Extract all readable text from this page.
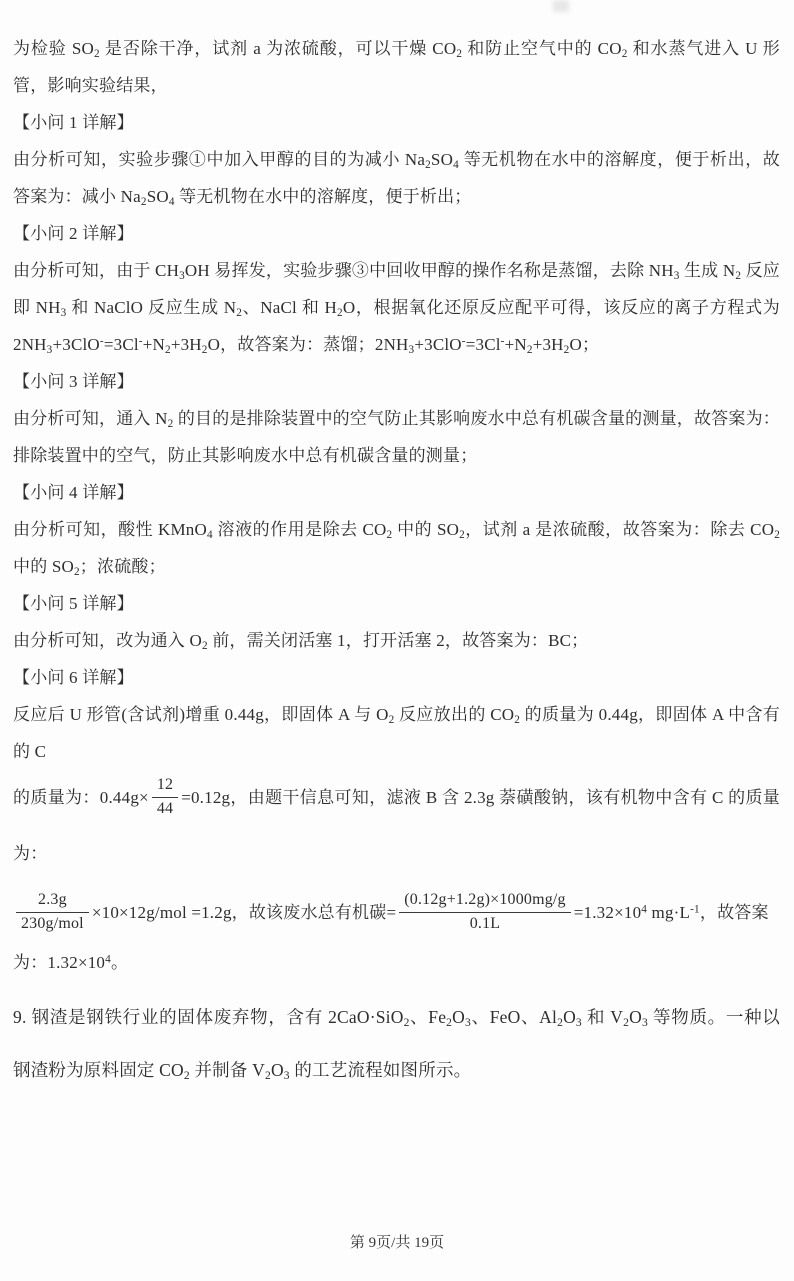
为检验 $SO_2$ 是否除干净，试剂 a 为浓硫酸，可以干燥 $CO_2$ 和防止空气中的 $CO_2$ 和水蒸气进入 U 形管，影响实验结果，

【小问 1 详解】

由分析可知，实验步骤①中加入甲醇的目的为减小 $Na_2SO_4$ 等无机物在水中的溶解度，便于析出，故答案为：减小 $Na_2SO_4$ 等无机物在水中的溶解度，便于析出；

【小问 2 详解】

由分析可知，由于 $CH_3OH$ 易挥发，实验步骤③中回收甲醇的操作名称是蒸馏，去除 $NH_3$ 生成 $N_2$ 反应即 $NH_3$ 和 NaClO 反应生成 $N_2$、NaCl 和 $H_2O$，根据氧化还原反应配平可得，该反应的离子方程式为 $2NH_3+3ClO^-=3Cl^-+N_2+3H_2O$，故答案为：蒸馏；$2NH_3+3ClO^-=3Cl^-+N_2+3H_2O$；

【小问 3 详解】

由分析可知，通入 $N_2$ 的目的是排除装置中的空气防止其影响废水中总有机碳含量的测量，故答案为：排除装置中的空气，防止其影响废水中总有机碳含量的测量；

【小问 4 详解】

由分析可知，酸性 KMnO$_4$ 溶液的作用是除去 $CO_2$ 中的 $SO_2$，试剂 a 是浓硫酸，故答案为：除去 $CO_2$ 中的 $SO_2$；浓硫酸；

【小问 5 详解】

由分析可知，改为通入 $O_2$ 前，需关闭活塞 1，打开活塞 2，故答案为：BC；

【小问 6 详解】

反应后 U 形管(含试剂)增重 0.44g，即固体 A 与 $O_2$ 反应放出的 $CO_2$ 的质量为 0.44g，即固体 A 中含有的 C

的质量为：$0.44g\times \frac{12}{44} =0.12g$，由题干信息可知，滤液 B 含 2.3g 萘磺酸钠，该有机物中含有 C 的质量为：

$\frac{2.3g}{\text{230g/mol}} \times 10\times 12g/mol =1.2g$，故该废水总有机碳= $\frac{(0.12g+1.2g)\times 1000mg/g}{0.1L} =1.32\times 10^4$ $mg\cdot L^{-1}$，故答案

为：$1.32\times 10^4$。

9. 钢渣是钢铁行业的固体废弃物，含有 2CaO·SiO$_2$、$Fe_2O_3$、FeO、$Al_2O_3$ 和 $V_2O_3$ 等物质。一种以钢渣粉为原料固定 $CO_2$ 并制备 $V_2O_3$ 的工艺流程如图所示。

第 9页/共 19页
